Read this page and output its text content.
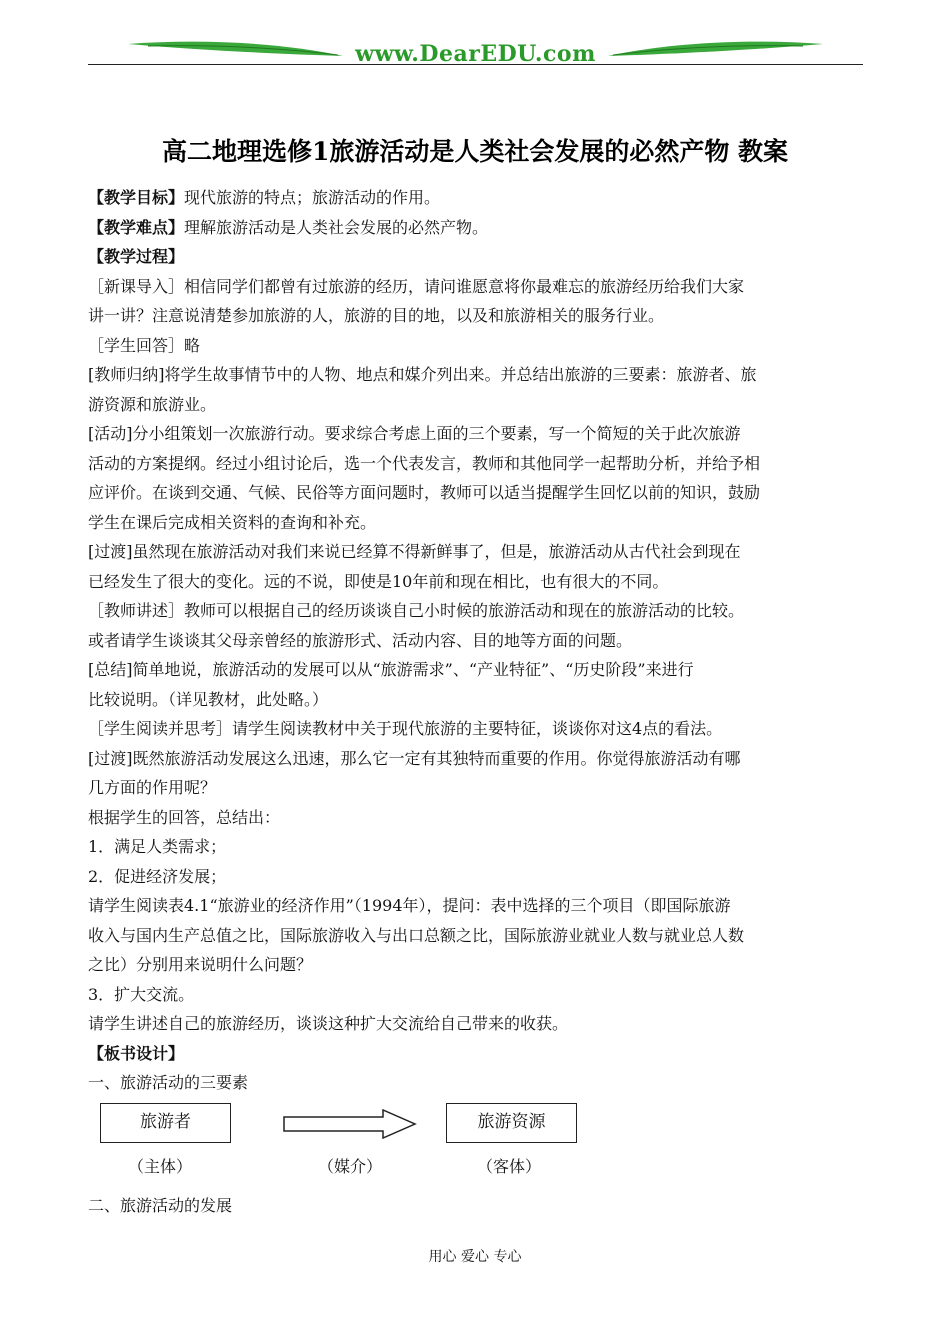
www.DearEDU.com
高二地理选修1旅游活动是人类社会发展的必然产物 教案

【教学目标】现代旅游的特点；旅游活动的作用。

【教学难点】理解旅游活动是人类社会发展的必然产物。

【教学过程】

［新课导入］相信同学们都曾有过旅游的经历，请问谁愿意将你最难忘的旅游经历给我们大家

讲一讲？注意说清楚参加旅游的人，旅游的目的地，以及和旅游相关的服务行业。

［学生回答］略

[教师归纳]将学生故事情节中的人物、地点和媒介列出来。并总结出旅游的三要素：旅游者、旅

游资源和旅游业。

[活动]分小组策划一次旅游行动。要求综合考虑上面的三个要素，写一个简短的关于此次旅游

活动的方案提纲。经过小组讨论后，选一个代表发言，教师和其他同学一起帮助分析，并给予相

应评价。在谈到交通、气候、民俗等方面问题时，教师可以适当提醒学生回忆以前的知识，鼓励

学生在课后完成相关资料的查询和补充。

[过渡]虽然现在旅游活动对我们来说已经算不得新鲜事了，但是，旅游活动从古代社会到现在

已经发生了很大的变化。远的不说，即使是10年前和现在相比，也有很大的不同。

［教师讲述］教师可以根据自己的经历谈谈自己小时候的旅游活动和现在的旅游活动的比较。

或者请学生谈谈其父母亲曾经的旅游形式、活动内容、目的地等方面的问题。

[总结]简单地说，旅游活动的发展可以从“旅游需求”、“产业特征”、“历史阶段”来进行

比较说明。（详见教材，此处略。）

［学生阅读并思考］请学生阅读教材中关于现代旅游的主要特征，谈谈你对这4点的看法。

[过渡]既然旅游活动发展这么迅速，那么它一定有其独特而重要的作用。你觉得旅游活动有哪

几方面的作用呢？

根据学生的回答，总结出：

1．满足人类需求；

2．促进经济发展；

请学生阅读表4.1“旅游业的经济作用”（1994年），提问：表中选择的三个项目（即国际旅游

收入与国内生产总值之比，国际旅游收入与出口总额之比，国际旅游业就业人数与就业总人数

之比）分别用来说明什么问题？

3．扩大交流。

请学生讲述自己的旅游经历，谈谈这种扩大交流给自己带来的收获。

【板书设计】

一、旅游活动的三要素

旅游者	旅游资源
（主体）	（媒介）	（客体）
二、旅游活动的发展
用心 爱心 专心
